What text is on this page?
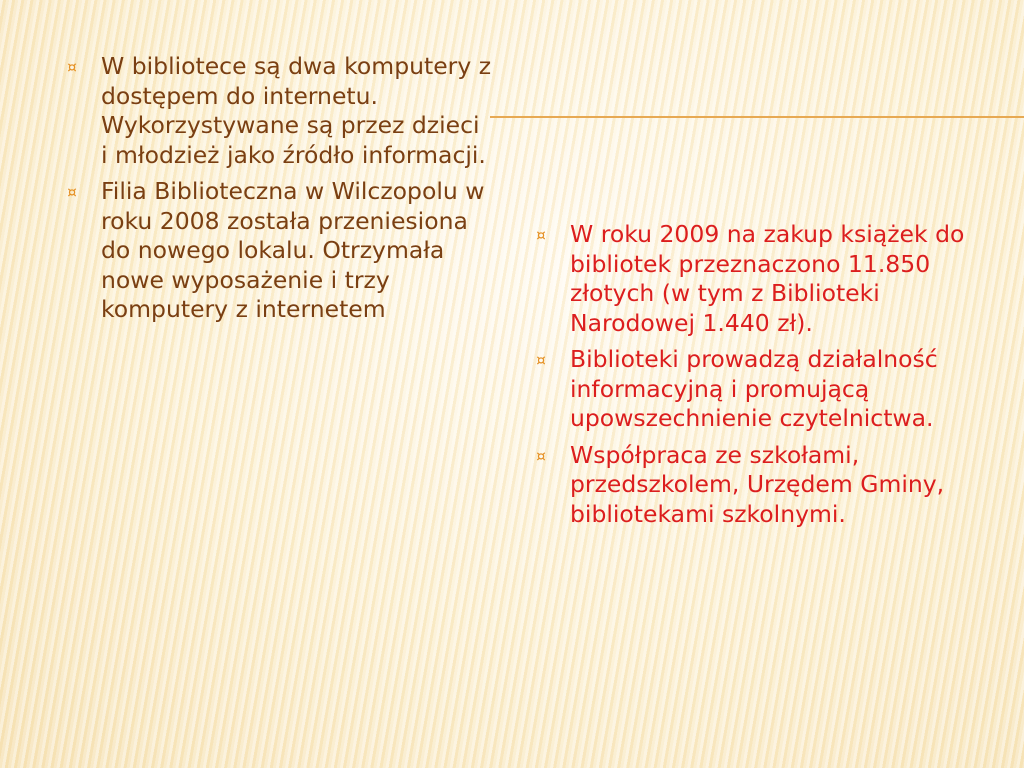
¤ W bibliotece są dwa komputery z dostępem do internetu. Wykorzystywane są przez dzieci i młodzież jako źródło informacji.
¤ Filia Biblioteczna w Wilczopolu w roku 2008 została przeniesiona do nowego lokalu. Otrzymała nowe wyposażenie i trzy komputery z internetem
¤ W roku 2009 na zakup książek do bibliotek przeznaczono 11.850 złotych (w tym z Biblioteki Narodowej 1.440 zł).
¤ Biblioteki prowadzą działalność informacyjną i promującą upowszechnienie czytelnictwa.
¤ Współpraca ze szkołami, przedszkolem, Urzędem Gminy, bibliotekami szkolnymi.
